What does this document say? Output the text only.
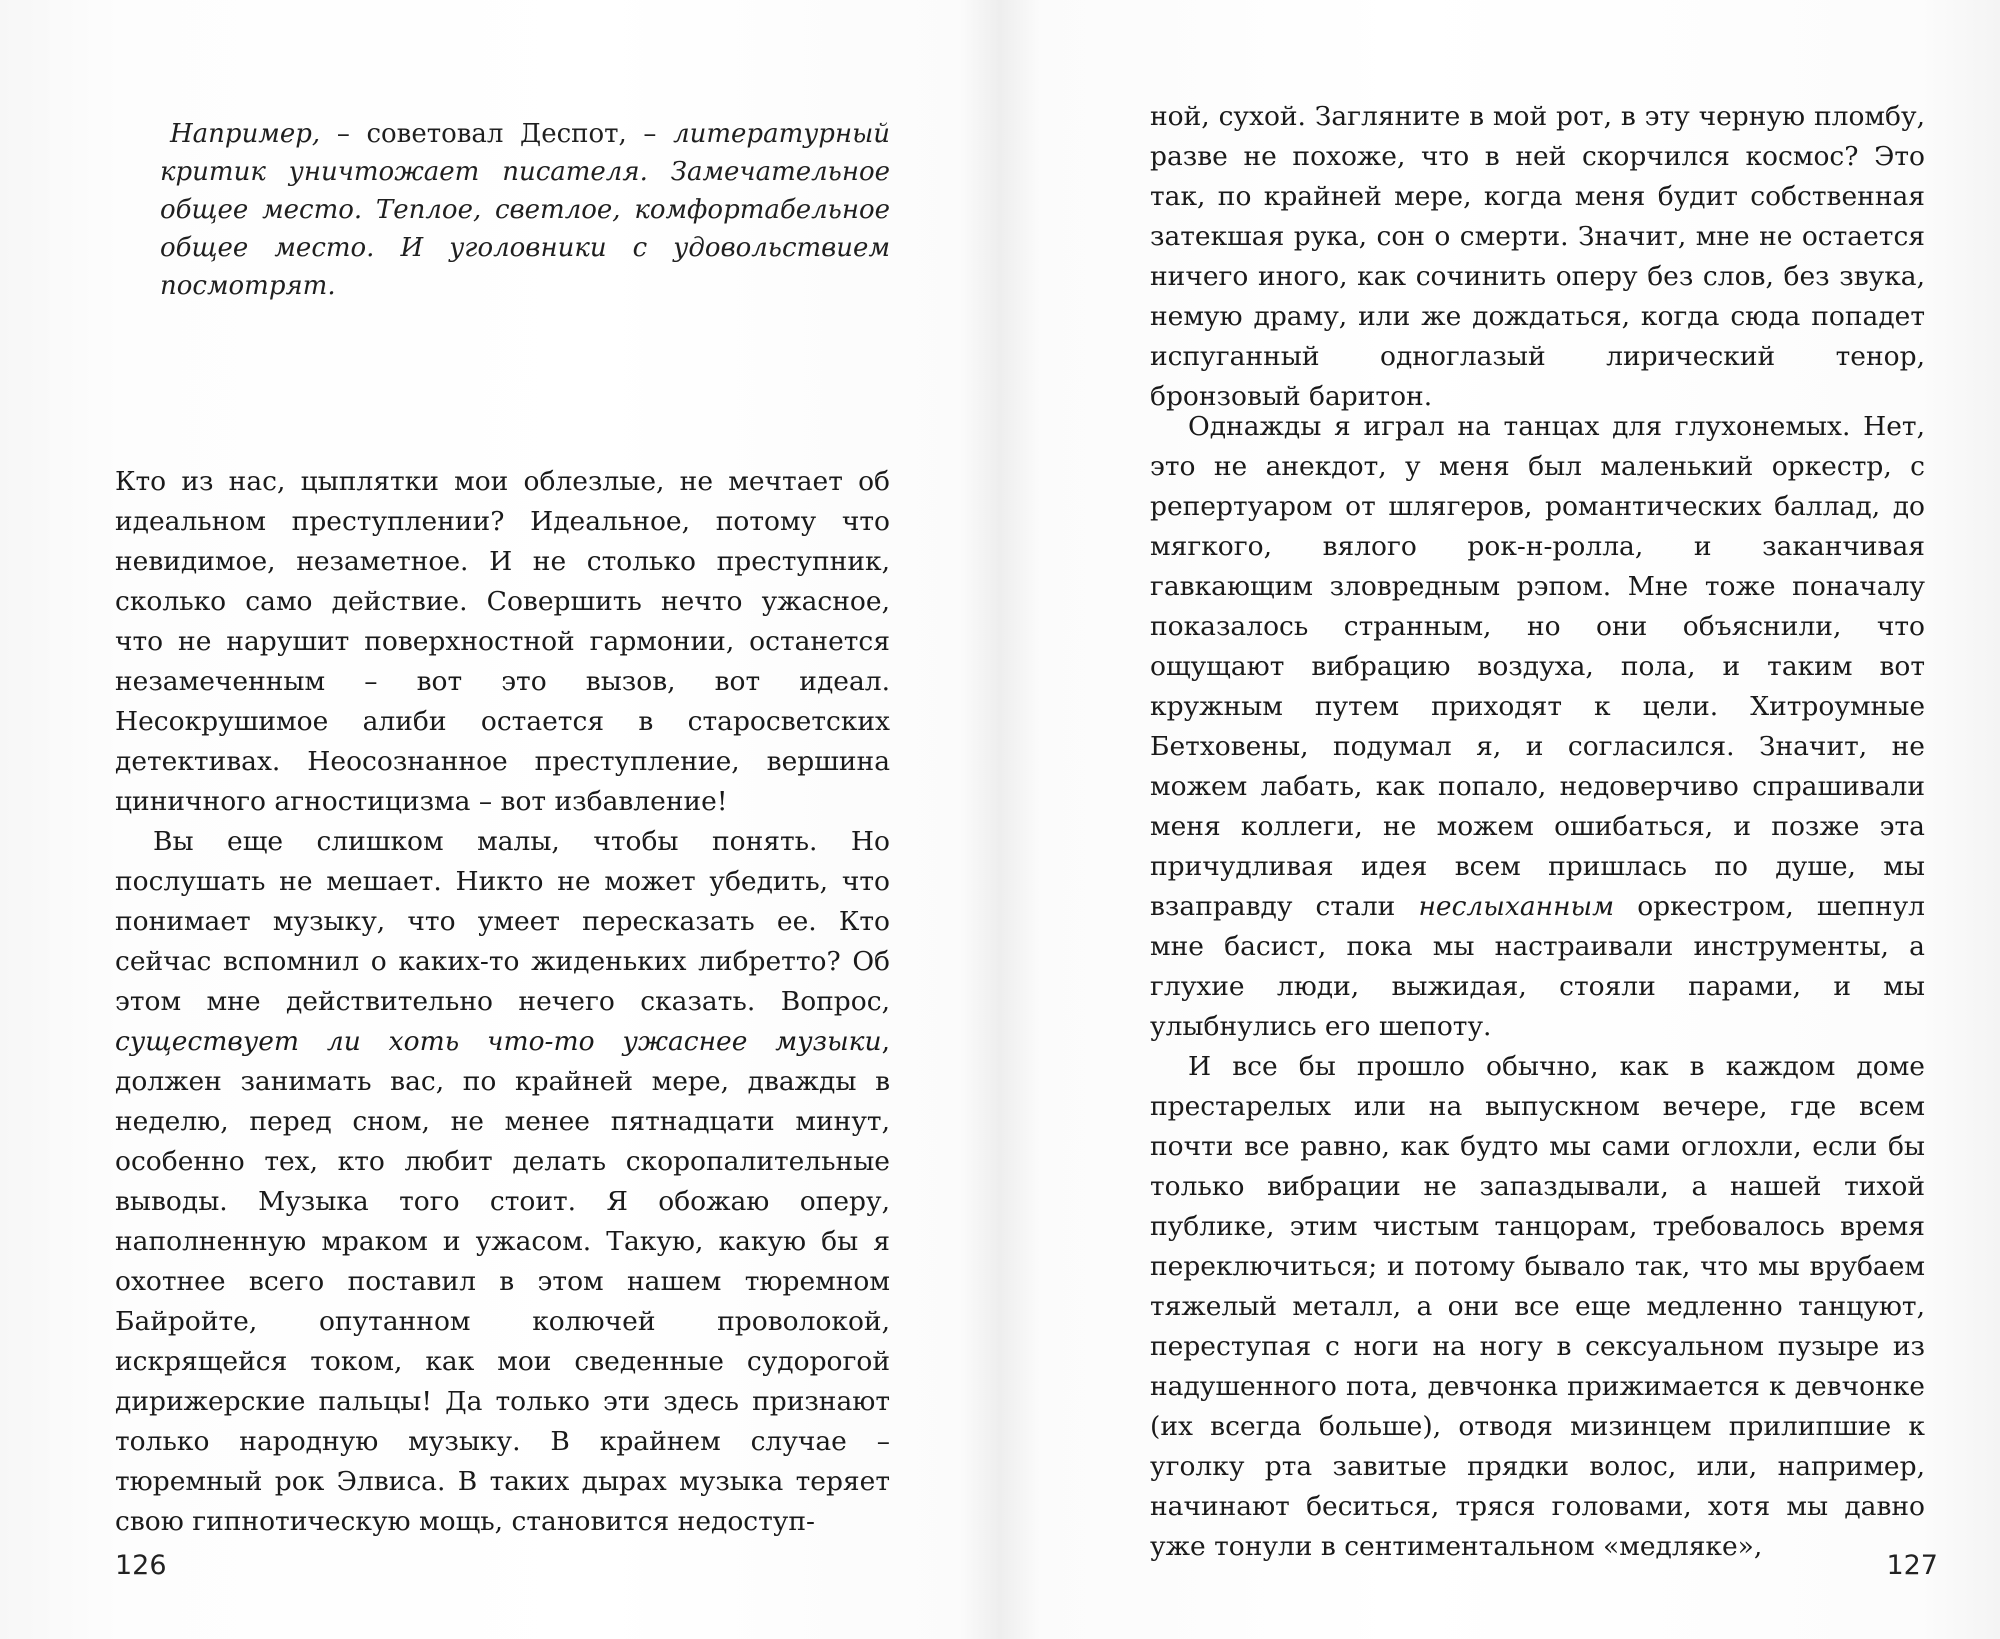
Например, – советовал Деспот, – литературный критик уничтожает писателя. Замечательное общее место. Теплое, светлое, комфортабельное общее место. И уголовники с удовольствием посмотрят.

Кто из нас, цыплятки мои облезлые, не мечтает об идеальном преступлении? Идеальное, потому что невидимое, незаметное. И не столько преступник, сколько само действие. Совершить нечто ужасное, что не нарушит поверхностной гармонии, останется незамеченным – вот это вызов, вот идеал. Несокрушимое алиби остается в старосветских детективах. Неосознанное преступление, вершина циничного агностицизма – вот избавление!

Вы еще слишком малы, чтобы понять. Но послушать не мешает. Никто не может убедить, что понимает музыку, что умеет пересказать ее. Кто сейчас вспомнил о каких-то жиденьких либретто? Об этом мне действительно нечего сказать. Вопрос, существует ли хоть что-то ужаснее музыки, должен занимать вас, по крайней мере, дважды в неделю, перед сном, не менее пятнадцати минут, особенно тех, кто любит делать скоропалительные выводы. Музыка того стоит. Я обожаю оперу, наполненную мраком и ужасом. Такую, какую бы я охотнее всего поставил в этом нашем тюремном Байройте, опутанном колючей проволокой, искрящейся током, как мои сведенные судорогой дирижерские пальцы! Да только эти здесь признают только народную музыку. В крайнем случае – тюремный рок Элвиса. В таких дырах музыка теряет свою гипнотическую мощь, становится недоступ-

126

ной, сухой. Загляните в мой рот, в эту черную пломбу, разве не похоже, что в ней скорчился космос? Это так, по крайней мере, когда меня будит собственная затекшая рука, сон о смерти. Значит, мне не остается ничего иного, как сочинить оперу без слов, без звука, немую драму, или же дождаться, когда сюда попадет испуганный одноглазый лирический тенор, бронзовый баритон.

Однажды я играл на танцах для глухонемых. Нет, это не анекдот, у меня был маленький оркестр, с репертуаром от шлягеров, романтических баллад, до мягкого, вялого рок-н-ролла, и заканчивая гавкающим зловредным рэпом. Мне тоже поначалу показалось странным, но они объяснили, что ощущают вибрацию воздуха, пола, и таким вот кружным путем приходят к цели. Хитроумные Бетховены, подумал я, и согласился. Значит, не можем лабать, как попало, недоверчиво спрашивали меня коллеги, не можем ошибаться, и позже эта причудливая идея всем пришлась по душе, мы взаправду стали неслыханным оркестром, шепнул мне басист, пока мы настраивали инструменты, а глухие люди, выжидая, стояли парами, и мы улыбнулись его шепоту.

И все бы прошло обычно, как в каждом доме престарелых или на выпускном вечере, где всем почти все равно, как будто мы сами оглохли, если бы только вибрации не запаздывали, а нашей тихой публике, этим чистым танцорам, требовалось время переключиться; и потому бывало так, что мы врубаем тяжелый металл, а они все еще медленно танцуют, переступая с ноги на ногу в сексуальном пузыре из надушенного пота, девчонка прижимается к девчонке (их всегда больше), отводя мизинцем прилипшие к уголку рта завитые прядки волос, или, например, начинают беситься, тряся головами, хотя мы давно уже тонули в сентиментальном «медляке»,

127
